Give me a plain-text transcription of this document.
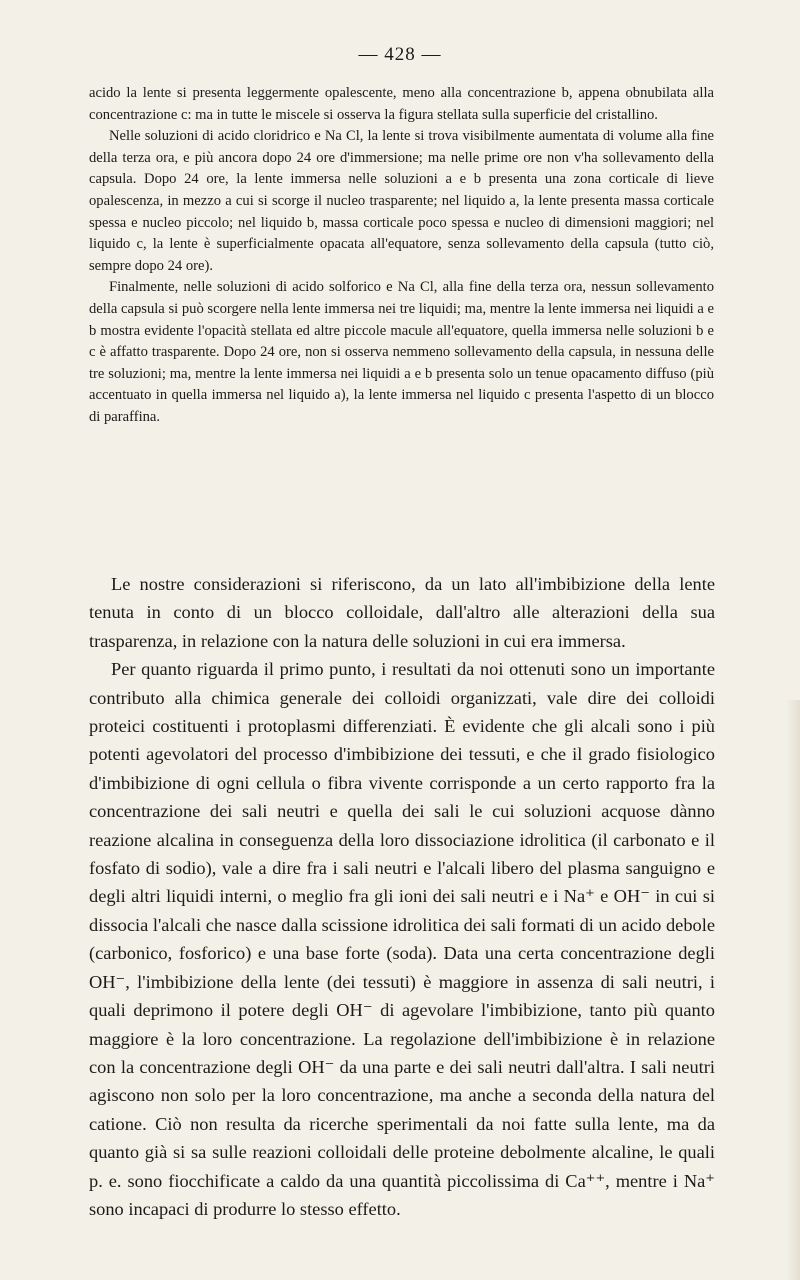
— 428 —

acido la lente si presenta leggermente opalescente, meno alla concentrazione b, appena obnubilata alla concentrazione c: ma in tutte le miscele si osserva la figura stellata sulla superficie del cristallino.

Nelle soluzioni di acido cloridrico e Na Cl, la lente si trova visibilmente aumentata di volume alla fine della terza ora, e più ancora dopo 24 ore d'immersione; ma nelle prime ore non v'ha sollevamento della capsula. Dopo 24 ore, la lente immersa nelle soluzioni a e b presenta una zona corticale di lieve opalescenza, in mezzo a cui si scorge il nucleo trasparente; nel liquido a, la lente presenta massa corticale spessa e nucleo piccolo; nel liquido b, massa corticale poco spessa e nucleo di dimensioni maggiori; nel liquido c, la lente è superficialmente opacata all'equatore, senza sollevamento della capsula (tutto ciò, sempre dopo 24 ore).

Finalmente, nelle soluzioni di acido solforico e Na Cl, alla fine della terza ora, nessun sollevamento della capsula si può scorgere nella lente immersa nei tre liquidi; ma, mentre la lente immersa nei liquidi a e b mostra evidente l'opacità stellata ed altre piccole macule all'equatore, quella immersa nelle soluzioni b e c è affatto trasparente. Dopo 24 ore, non si osserva nemmeno sollevamento della capsula, in nessuna delle tre soluzioni; ma, mentre la lente immersa nei liquidi a e b presenta solo un tenue opacamento diffuso (più accentuato in quella immersa nel liquido a), la lente immersa nel liquido c presenta l'aspetto di un blocco di paraffina.

Le nostre considerazioni si riferiscono, da un lato all'imbibizione della lente tenuta in conto di un blocco colloidale, dall'altro alle alterazioni della sua trasparenza, in relazione con la natura delle soluzioni in cui era immersa.

Per quanto riguarda il primo punto, i resultati da noi ottenuti sono un importante contributo alla chimica generale dei colloidi organizzati, vale dire dei colloidi proteici costituenti i protoplasmi differenziati. È evidente che gli alcali sono i più potenti agevolatori del processo d'imbibizione dei tessuti, e che il grado fisiologico d'imbibizione di ogni cellula o fibra vivente corrisponde a un certo rapporto fra la concentrazione dei sali neutri e quella dei sali le cui soluzioni acquose dànno reazione alcalina in conseguenza della loro dissociazione idrolitica (il carbonato e il fosfato di sodio), vale a dire fra i sali neutri e l'alcali libero del plasma sanguigno e degli altri liquidi interni, o meglio fra gli ioni dei sali neutri e i Na⁺ e OH⁻ in cui si dissocia l'alcali che nasce dalla scissione idrolitica dei sali formati di un acido debole (carbonico, fosforico) e una base forte (soda). Data una certa concentrazione degli OH⁻, l'imbibizione della lente (dei tessuti) è maggiore in assenza di sali neutri, i quali deprimono il potere degli OH⁻ di agevolare l'imbibizione, tanto più quanto maggiore è la loro concentrazione. La regolazione dell'imbibizione è in relazione con la concentrazione degli OH⁻ da una parte e dei sali neutri dall'altra. I sali neutri agiscono non solo per la loro concentrazione, ma anche a seconda della natura del catione. Ciò non resulta da ricerche sperimentali da noi fatte sulla lente, ma da quanto già si sa sulle reazioni colloidali delle proteine debolmente alcaline, le quali p. e. sono fiocchificate a caldo da una quantità piccolissima di Ca⁺⁺, mentre i Na⁺ sono incapaci di produrre lo stesso effetto.
